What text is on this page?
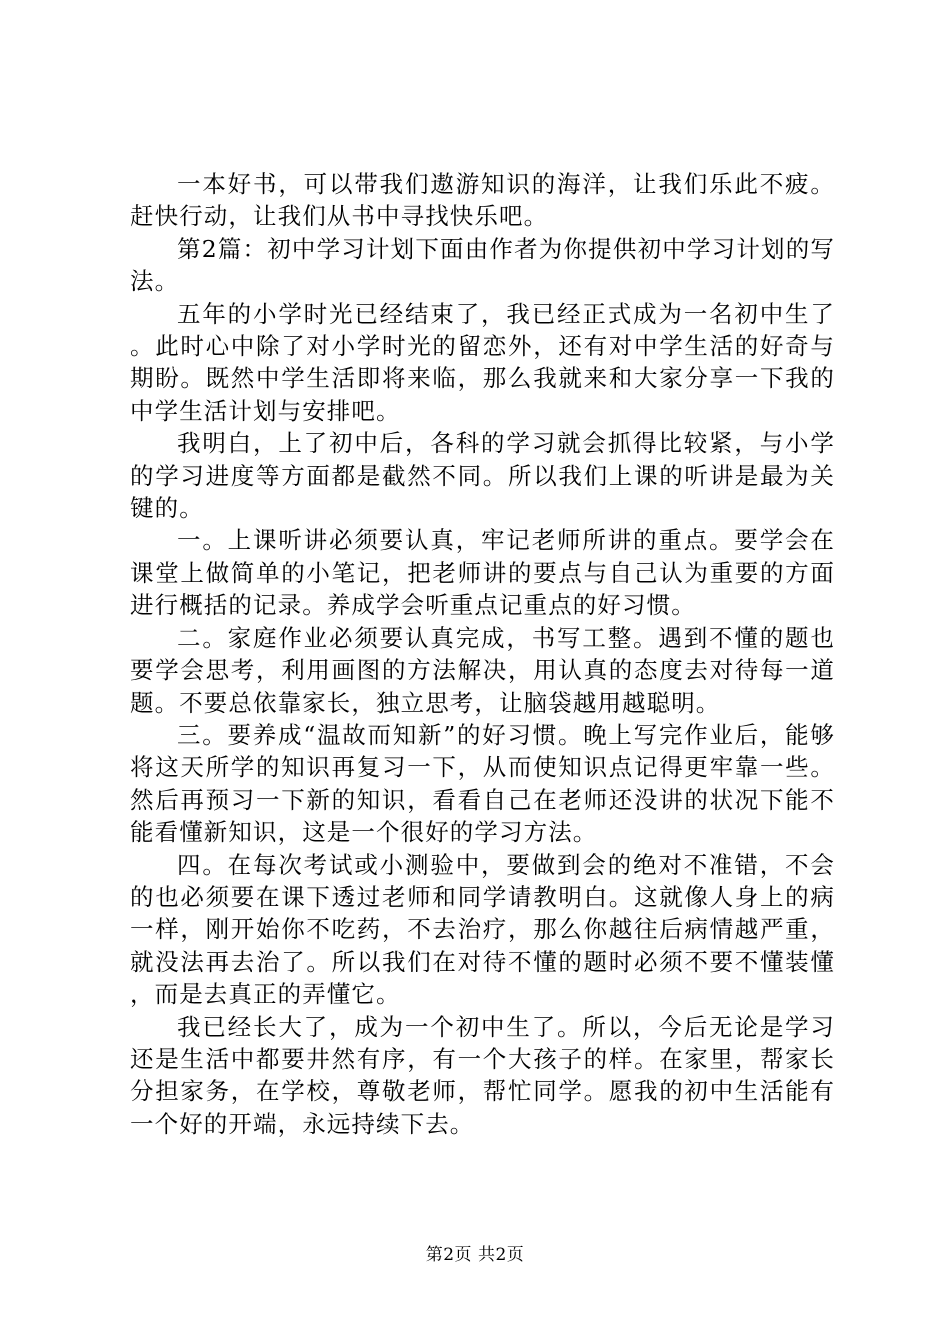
一本好书，可以带我们遨游知识的海洋，让我们乐此不疲。赶快行动，让我们从书中寻找快乐吧。

第2篇：初中学习计划下面由作者为你提供初中学习计划的写法。

五年的小学时光已经结束了，我已经正式成为一名初中生了。此时心中除了对小学时光的留恋外，还有对中学生活的好奇与期盼。既然中学生活即将来临，那么我就来和大家分享一下我的中学生活计划与安排吧。

我明白，上了初中后，各科的学习就会抓得比较紧，与小学的学习进度等方面都是截然不同。所以我们上课的听讲是最为关键的。

一。上课听讲必须要认真，牢记老师所讲的重点。要学会在课堂上做简单的小笔记，把老师讲的要点与自己认为重要的方面进行概括的记录。养成学会听重点记重点的好习惯。

二。家庭作业必须要认真完成，书写工整。遇到不懂的题也要学会思考，利用画图的方法解决，用认真的态度去对待每一道题。不要总依靠家长，独立思考，让脑袋越用越聪明。

三。要养成“温故而知新”的好习惯。晚上写完作业后，能够将这天所学的知识再复习一下，从而使知识点记得更牢靠一些。然后再预习一下新的知识，看看自己在老师还没讲的状况下能不能看懂新知识，这是一个很好的学习方法。

四。在每次考试或小测验中，要做到会的绝对不准错，不会的也必须要在课下透过老师和同学请教明白。这就像人身上的病一样，刚开始你不吃药，不去治疗，那么你越往后病情越严重，就没法再去治了。所以我们在对待不懂的题时必须不要不懂装懂，而是去真正的弄懂它。

我已经长大了，成为一个初中生了。所以，今后无论是学习还是生活中都要井然有序，有一个大孩子的样。在家里，帮家长分担家务，在学校，尊敬老师，帮忙同学。愿我的初中生活能有一个好的开端，永远持续下去。

第2页 共2页
